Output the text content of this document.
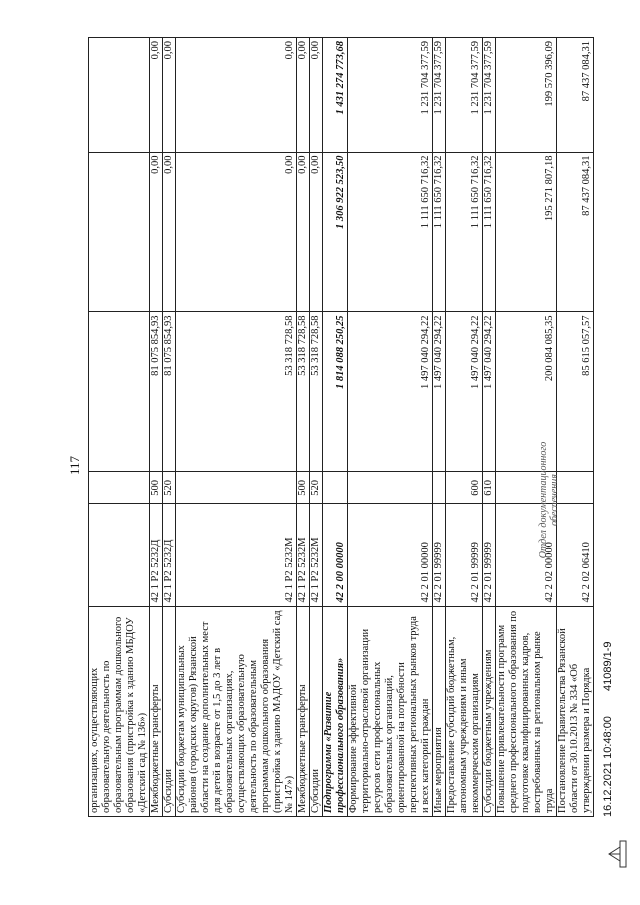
117
организациях, осуществляющих образовательную деятельность по образовательным программам дошкольного образования (пристройка к зданию МБДОУ «Детский сад № 136»)					
Межбюджетные трансферты	42 1 P2 5232Д	500	81 075 854,93	0,00	0,00
Субсидии	42 1 P2 5232Д	520	81 075 854,93	0,00	0,00
Субсидии бюджетам муниципальных районов (городских округов) Рязанской области на создание дополнительных мест для детей в возрасте от 1,5 до 3 лет в образовательных организациях, осуществляющих образовательную деятельность по образовательным программам дошкольного образования (пристройка к зданию МАДОУ «Детский сад № 147»)	42 1 P2 5232М		53 318 728,58	0,00	0,00
Межбюджетные трансферты	42 1 P2 5232М	500	53 318 728,58	0,00	0,00
Субсидии	42 1 P2 5232М	520	53 318 728,58	0,00	0,00
Подпрограмма «Развитие профессионального образования»	42 2 00 00000		1 814 088 250,25	1 306 922 523,50	1 431 274 773,68
Формирование эффективной территориально-отраслевой организации ресурсов сети профессиональных образовательных организаций, ориентированной на потребности перспективных региональных рынков труда и всех категорий граждан	42 2 01 00000		1 497 040 294,22	1 111 650 716,32	1 231 704 377,59
Иные мероприятия	42 2 01 99999		1 497 040 294,22	1 111 650 716,32	1 231 704 377,59
Предоставление субсидий бюджетным, автономным учреждениям и иным некоммерческим организациям	42 2 01 99999	600	1 497 040 294,22	1 111 650 716,32	1 231 704 377,59
Субсидии бюджетным учреждениям	42 2 01 99999	610	1 497 040 294,22	1 111 650 716,32	1 231 704 377,59
Повышение привлекательности программ среднего профессионального образования по подготовке квалифицированных кадров, востребованных на региональном рынке труда	42 2 02 00000		200 084 085,35	195 271 807,18	199 570 396,09
Постановление Правительства Рязанской области от 30.10.2013 № 334 «Об утверждении размера и Порядка	42 2 02 06410		85 615 057,57	87 437 084,31	87 437 084,31
Отдел документационного обеспечения
16.12.2021 10:48:00 41089/1-9
